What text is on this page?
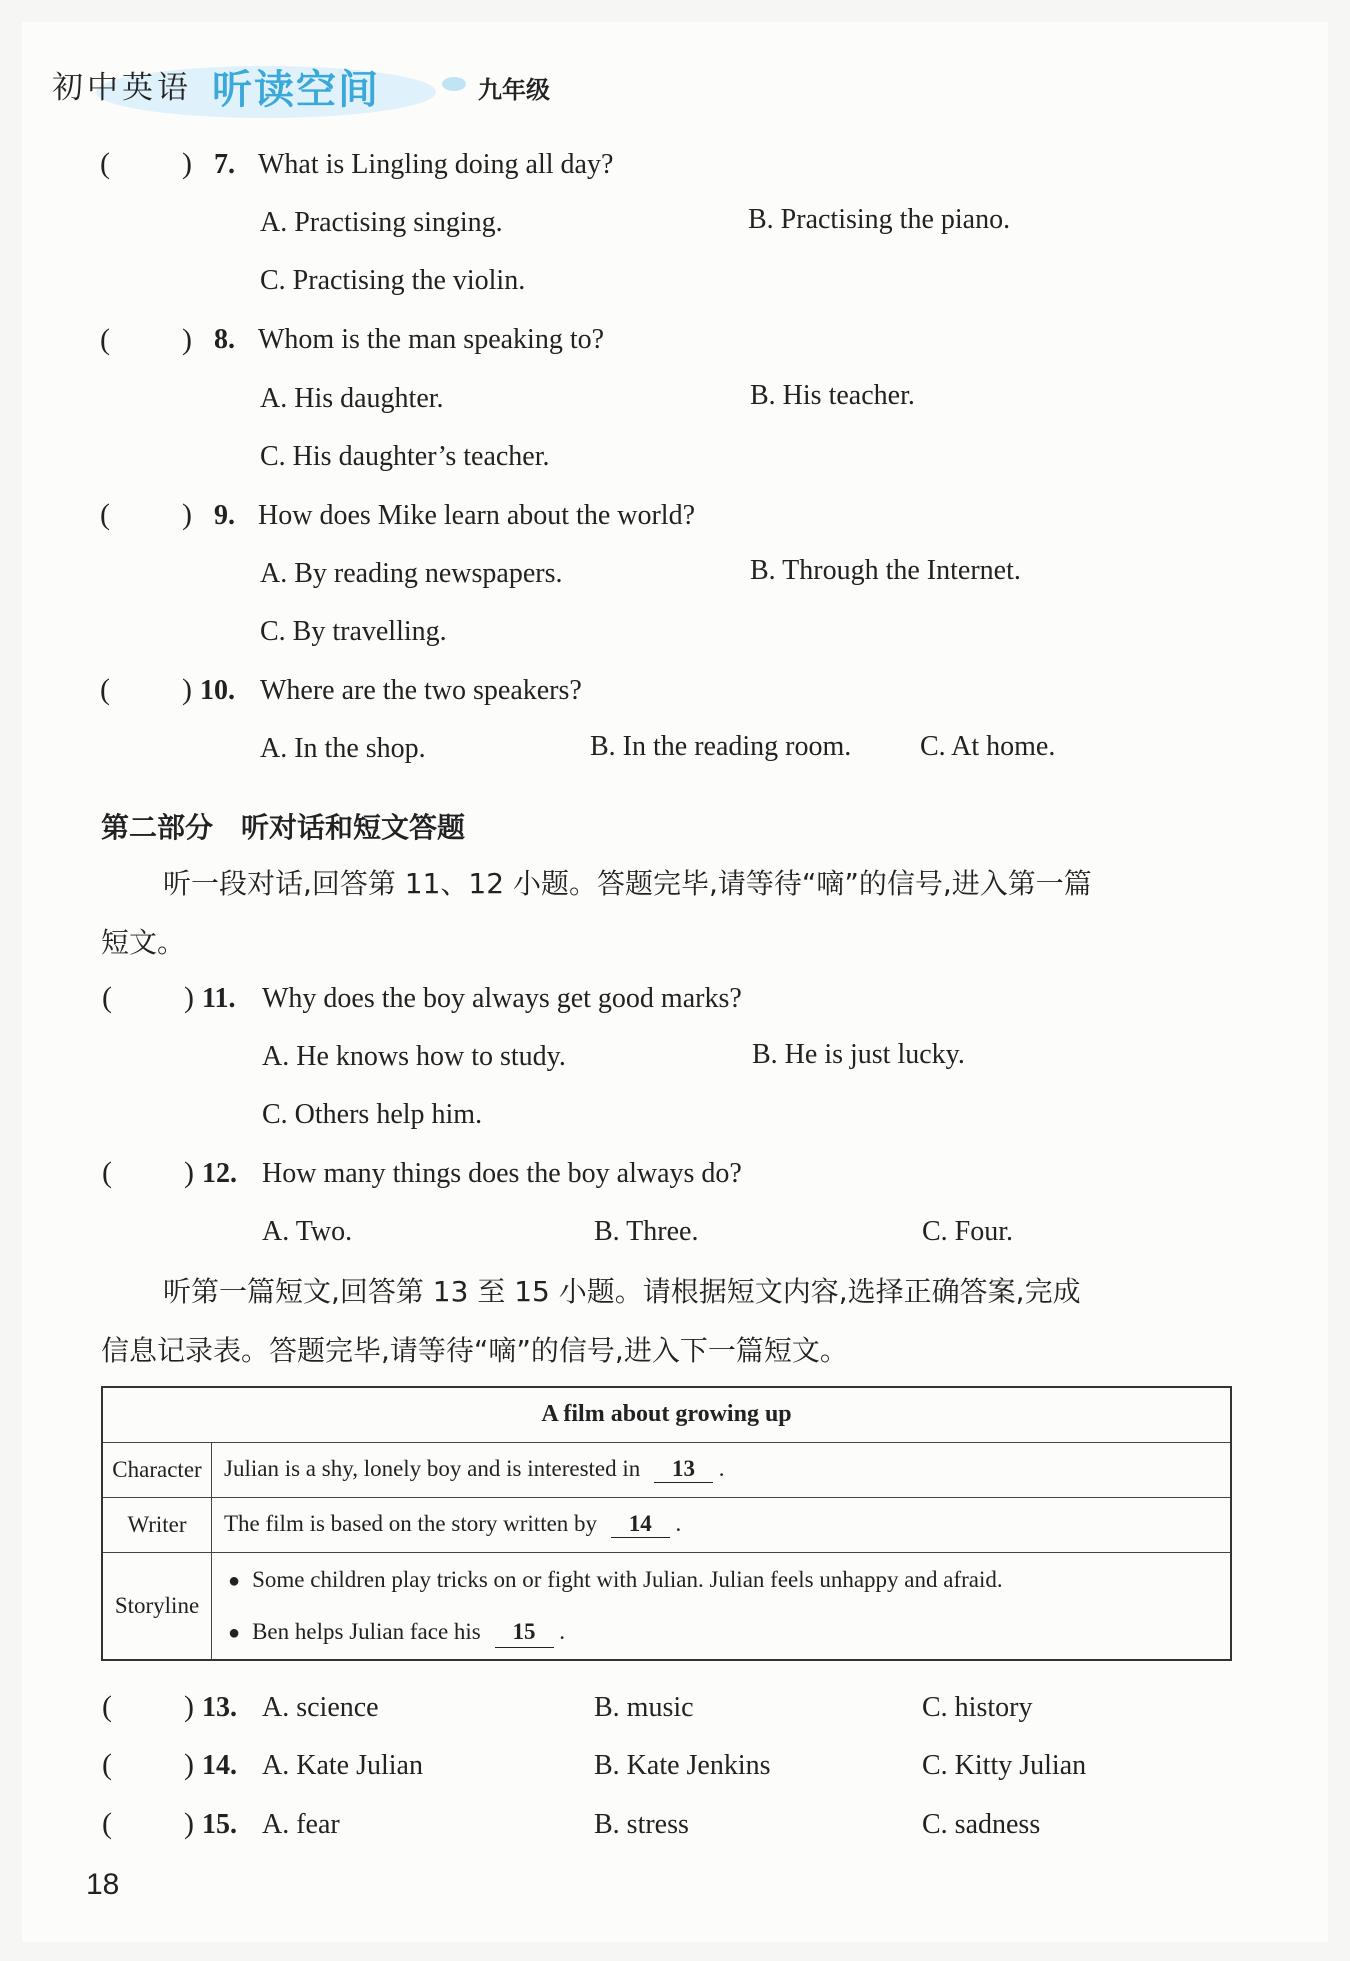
初中英语 听读空间	九年级
( ) 7. What is Lingling doing all day?
A. Practising singing.	B. Practising the piano.
C. Practising the violin.
( ) 8. Whom is the man speaking to?
A. His daughter.	B. His teacher.
C. His daughter’s teacher.
( ) 9. How does Mike learn about the world?
A. By reading newspapers.	B. Through the Internet.
C. By travelling.
( ) 10. Where are the two speakers?
A. In the shop.	B. In the reading room. C. At home.
第二部分　听对话和短文答题
听一段对话,回答第 11、12 小题。答题完毕,请等待“嘀”的信号,进入第一篇
短文。
( ) 11. Why does the boy always get good marks?
A. He knows how to study.	B. He is just lucky.
C. Others help him.
( ) 12. How many things does the boy always do?
A. Two.	B. Three.	C. Four.
听第一篇短文,回答第 13 至 15 小题。请根据短文内容,选择正确答案,完成
信息记录表。答题完毕,请等待“嘀”的信号,进入下一篇短文。
A film about growing up	
Character	Julian is a shy, lonely boy and is interested in 13 .
Writer	The film is based on the story written by 14 .
Storyline	● Some children play tricks on or fight with Julian. Julian feels unhappy and afraid.
● Ben helps Julian face his 15 .
( ) 13. A. science	B. music	C. history
( ) 14. A. Kate Julian	B. Kate Jenkins	C. Kitty Julian
( ) 15. A. fear	B. stress	C. sadness
18
